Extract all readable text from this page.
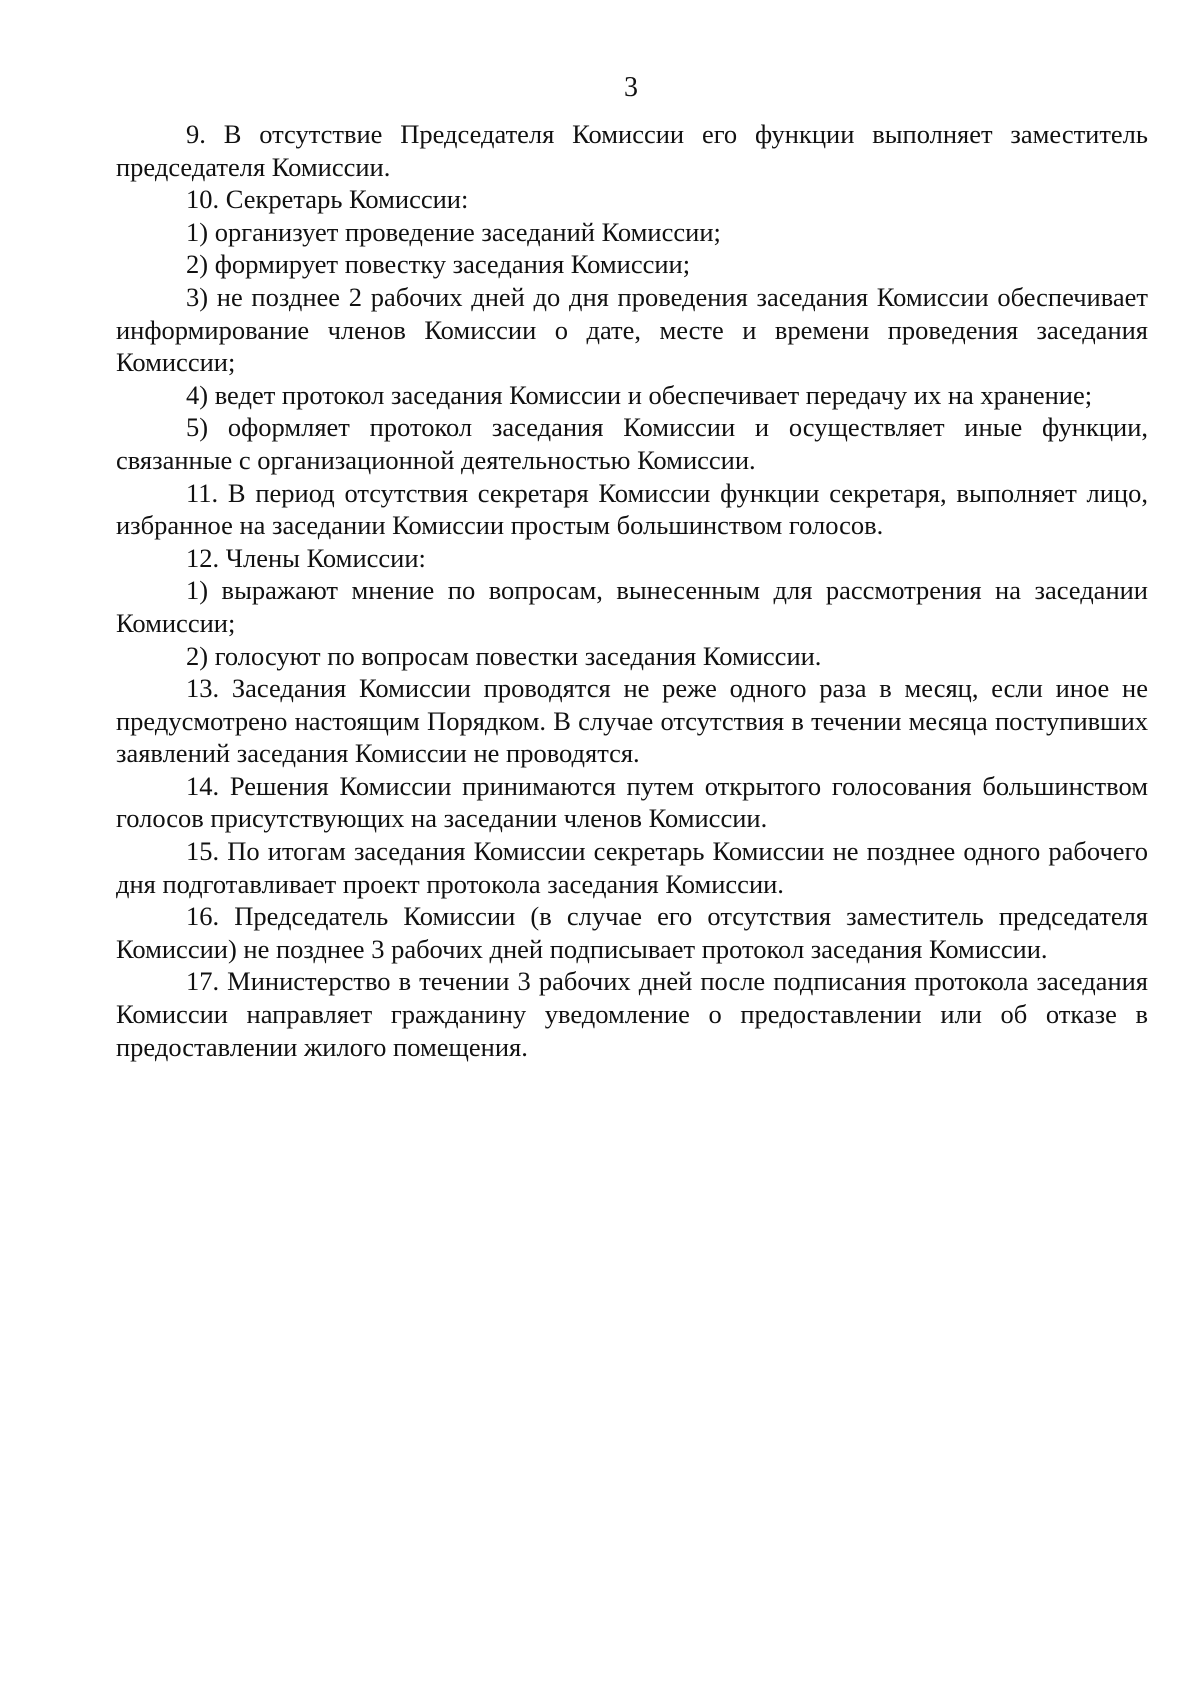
3

9. В отсутствие Председателя Комиссии его функции выполняет заместитель председателя Комиссии.

10. Секретарь Комиссии:

1) организует проведение заседаний Комиссии;

2) формирует повестку заседания Комиссии;

3) не позднее 2 рабочих дней до дня проведения заседания Комиссии обеспечивает информирование членов Комиссии о дате, месте и времени проведения заседания Комиссии;

4) ведет протокол заседания Комиссии и обеспечивает передачу их на хранение;

5) оформляет протокол заседания Комиссии и осуществляет иные функции, связанные с организационной деятельностью Комиссии.

11. В период отсутствия секретаря Комиссии функции секретаря, выполняет лицо, избранное на заседании Комиссии простым большинством голосов.

12. Члены Комиссии:

1) выражают мнение по вопросам, вынесенным для рассмотрения на заседании Комиссии;

2) голосуют по вопросам повестки заседания Комиссии.

13. Заседания Комиссии проводятся не реже одного раза в месяц, если иное не предусмотрено настоящим Порядком. В случае отсутствия в течении месяца поступивших заявлений заседания Комиссии не проводятся.

14. Решения Комиссии принимаются путем открытого голосования большинством голосов присутствующих на заседании членов Комиссии.

15. По итогам заседания Комиссии секретарь Комиссии не позднее одного рабочего дня подготавливает проект протокола заседания Комиссии.

16. Председатель Комиссии (в случае его отсутствия заместитель председателя Комиссии) не позднее 3 рабочих дней подписывает протокол заседания Комиссии.

17. Министерство в течении 3 рабочих дней после подписания протокола заседания Комиссии направляет гражданину уведомление о предоставлении или об отказе в предоставлении жилого помещения.
